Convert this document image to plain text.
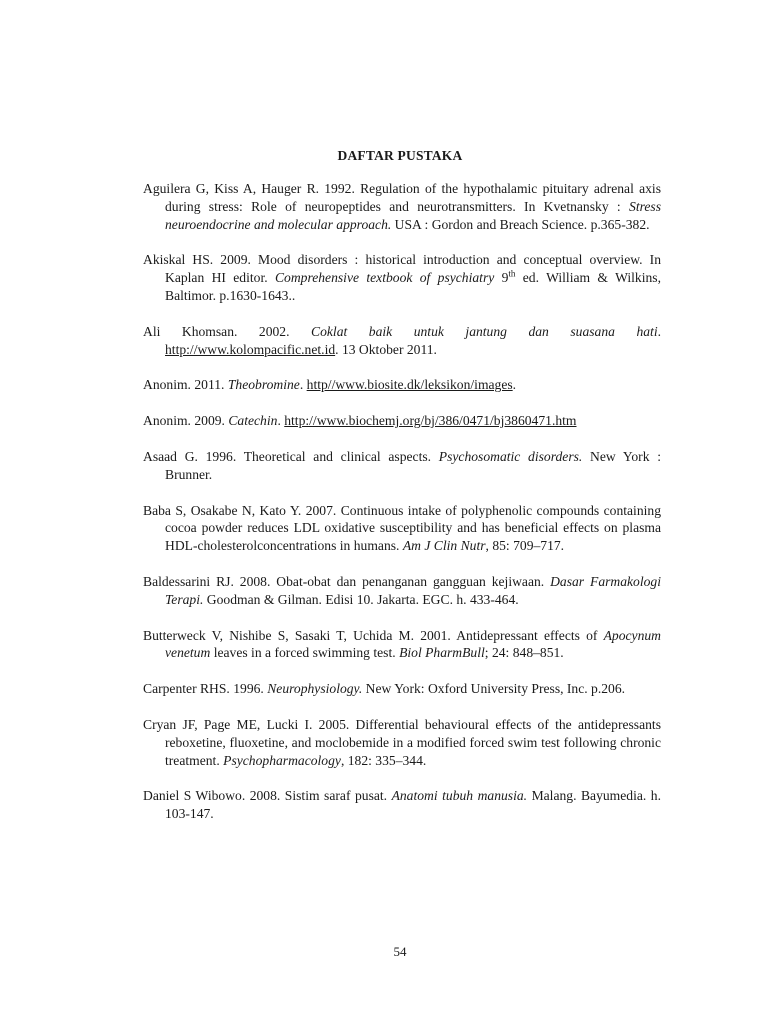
DAFTAR PUSTAKA

Aguilera G, Kiss A, Hauger R. 1992. Regulation of the hypothalamic pituitary adrenal axis during stress: Role of neuropeptides and neurotransmitters. In Kvetnansky : Stress neuroendocrine and molecular approach. USA : Gordon and Breach Science. p.365-382.

Akiskal HS. 2009. Mood disorders : historical introduction and conceptual overview. In Kaplan HI editor. Comprehensive textbook of psychiatry 9th ed. William & Wilkins, Baltimor. p.1630-1643..

Ali Khomsan. 2002. Coklat baik untuk jantung dan suasana hati. http://www.kolompacific.net.id. 13 Oktober 2011.

Anonim. 2011. Theobromine. http//www.biosite.dk/leksikon/images.

Anonim. 2009. Catechin. http://www.biochemj.org/bj/386/0471/bj3860471.htm

Asaad G. 1996. Theoretical and clinical aspects. Psychosomatic disorders. New York : Brunner.

Baba S, Osakabe N, Kato Y. 2007. Continuous intake of polyphenolic compounds containing cocoa powder reduces LDL oxidative susceptibility and has beneficial effects on plasma HDL-cholesterolconcentrations in humans. Am J Clin Nutr, 85: 709–717.

Baldessarini RJ. 2008. Obat-obat dan penanganan gangguan kejiwaan. Dasar Farmakologi Terapi. Goodman & Gilman. Edisi 10. Jakarta. EGC. h. 433-464.

Butterweck V, Nishibe S, Sasaki T, Uchida M. 2001. Antidepressant effects of Apocynum venetum leaves in a forced swimming test. Biol PharmBull; 24: 848–851.

Carpenter RHS. 1996. Neurophysiology. New York: Oxford University Press, Inc. p.206.

Cryan JF, Page ME, Lucki I. 2005. Differential behavioural effects of the antidepressants reboxetine, fluoxetine, and moclobemide in a modified forced swim test following chronic treatment. Psychopharmacology, 182: 335–344.

Daniel S Wibowo. 2008. Sistim saraf pusat. Anatomi tubuh manusia. Malang. Bayumedia. h. 103-147.

54
